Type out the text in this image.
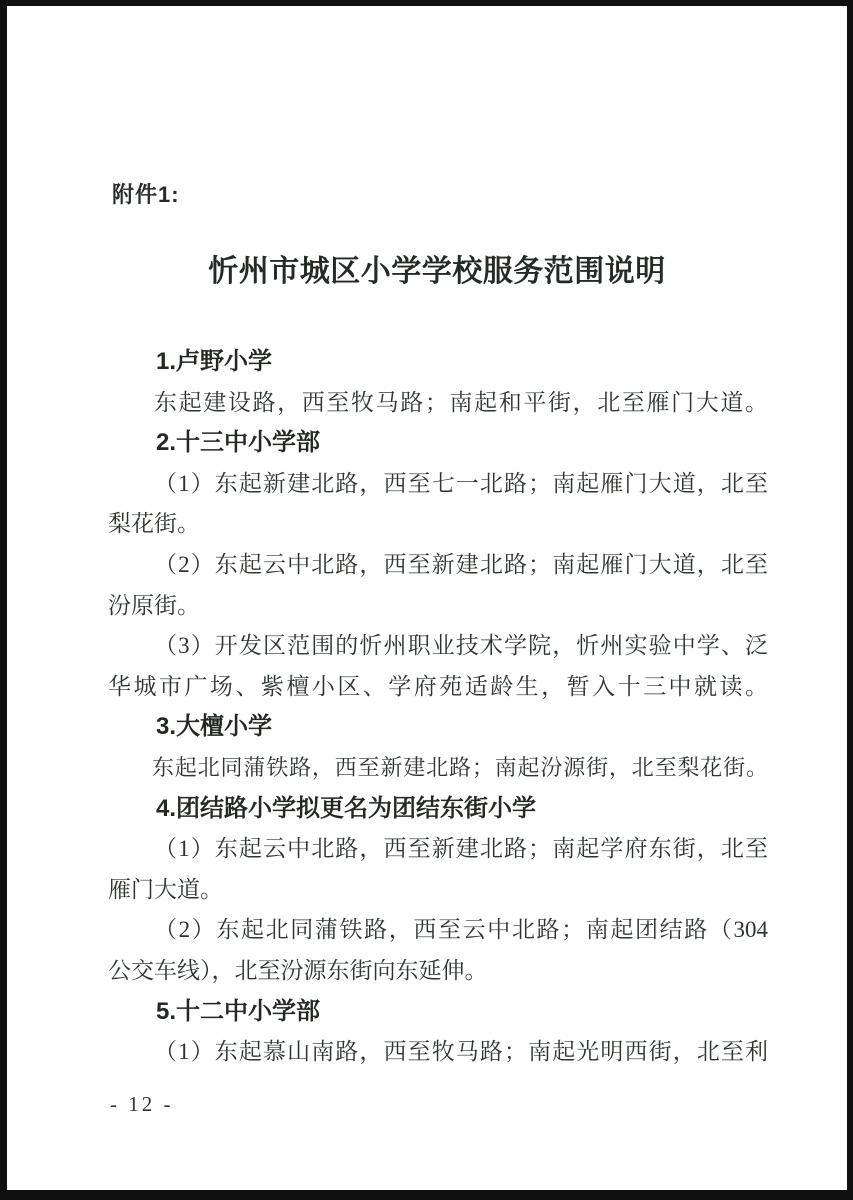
附件1:
忻州市城区小学学校服务范围说明
1.卢野小学
东起建设路，西至牧马路；南起和平街，北至雁门大道。
2.十三中小学部
（1）东起新建北路，西至七一北路；南起雁门大道，北至
梨花街。
（2）东起云中北路，西至新建北路；南起雁门大道，北至
汾原街。
（3）开发区范围的忻州职业技术学院，忻州实验中学、泛
华城市广场、紫檀小区、学府苑适龄生，暂入十三中就读。
3.大檀小学
东起北同蒲铁路，西至新建北路；南起汾源街，北至梨花街。
4.团结路小学拟更名为团结东街小学
（1）东起云中北路，西至新建北路；南起学府东街，北至
雁门大道。
（2）东起北同蒲铁路，西至云中北路；南起团结路（304
公交车线），北至汾源东街向东延伸。
5.十二中小学部
（1）东起慕山南路，西至牧马路；南起光明西街，北至利
- 12 -
